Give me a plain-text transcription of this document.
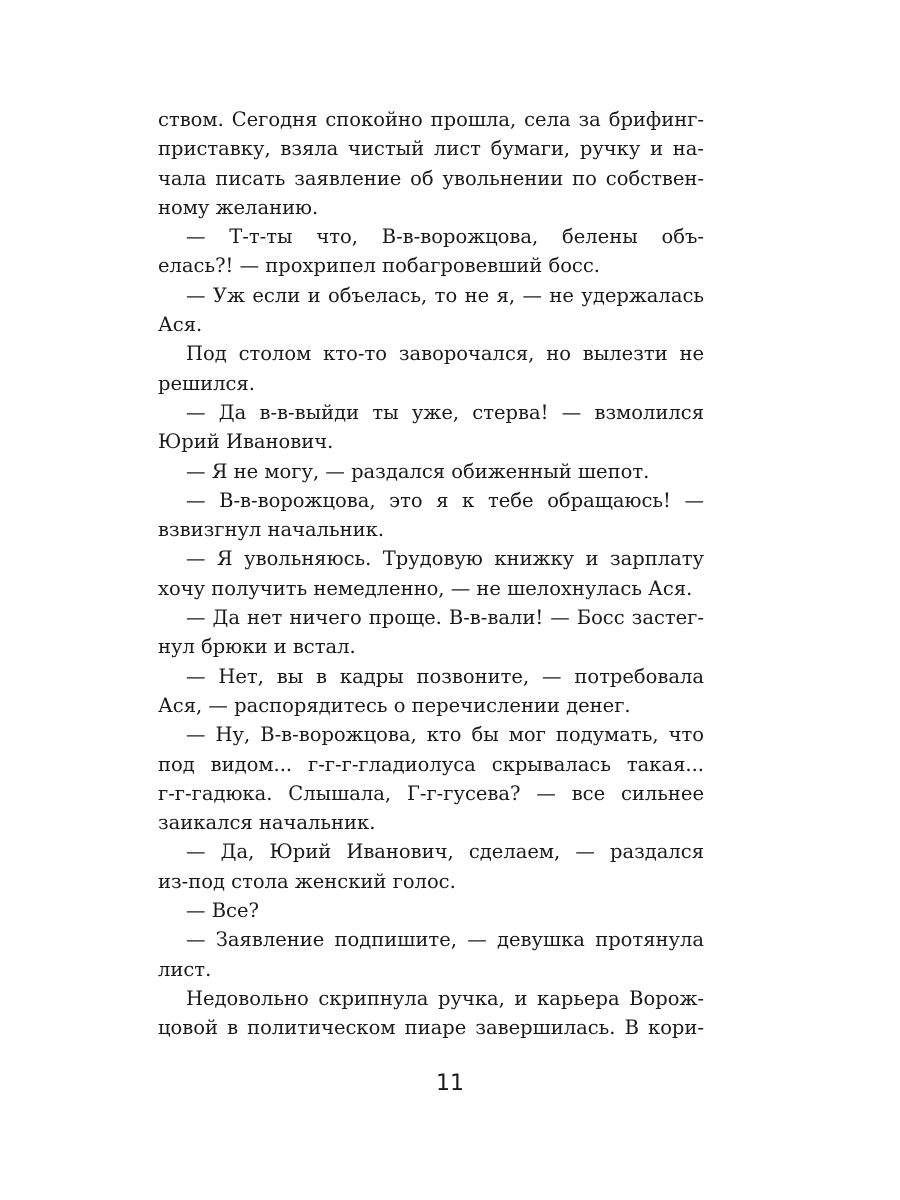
ством. Сегодня спокойно прошла, села за брифинг-
приставку, взяла чистый лист бумаги, ручку и на-
чала писать заявление об увольнении по собствен-
ному желанию.
— Т-т-ты что, В-в-ворожцова, белены объ-
елась?! — прохрипел побагровевший босс.
— Уж если и объелась, то не я, — не удержалась
Ася.
Под столом кто-то заворочался, но вылезти не
решился.
— Да в-в-выйди ты уже, стерва! — взмолился
Юрий Иванович.
— Я не могу, — раздался обиженный шепот.
— В-в-ворожцова, это я к тебе обращаюсь! —
взвизгнул начальник.
— Я увольняюсь. Трудовую книжку и зарплату
хочу получить немедленно, — не шелохнулась Ася.
— Да нет ничего проще. В-в-вали! — Босс застег-
нул брюки и встал.
— Нет, вы в кадры позвоните, — потребовала
Ася, — распорядитесь о перечислении денег.
— Ну, В-в-ворожцова, кто бы мог подумать, что
под видом... г-г-г-гладиолуса скрывалась такая...
г-г-гадюка. Слышала, Г-г-гусева? — все сильнее
заикался начальник.
— Да, Юрий Иванович, сделаем, — раздался
из-под стола женский голос.
— Все?
— Заявление подпишите, — девушка протянула
лист.
Недовольно скрипнула ручка, и карьера Ворож-
цовой в политическом пиаре завершилась. В кори-
11
